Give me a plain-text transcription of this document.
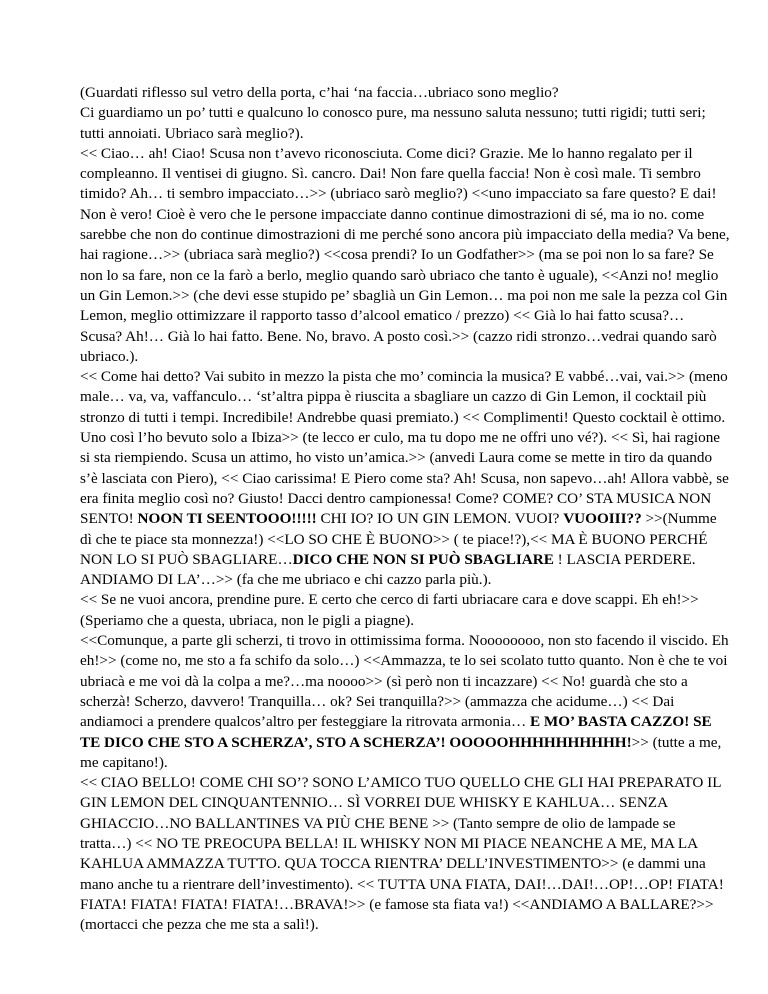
(Guardati riflesso sul vetro della porta, c’hai ‘na faccia…ubriaco sono meglio?

Ci guardiamo un po’ tutti e qualcuno lo conosco pure, ma nessuno saluta nessuno; tutti rigidi; tutti seri; tutti annoiati. Ubriaco sarà meglio?).

<< Ciao… ah! Ciao! Scusa non t’avevo riconosciuta. Come dici? Grazie. Me lo hanno regalato per il compleanno. Il ventisei di giugno. Sì. cancro. Dai! Non fare quella faccia! Non è così male. Ti sembro timido? Ah… ti sembro impacciato…>> (ubriaco sarò meglio?) <<uno impacciato sa fare questo? E dai! Non è vero! Cioè è vero che le persone impacciate danno continue dimostrazioni di sé, ma io no. come sarebbe che non do continue dimostrazioni di me perché sono ancora più impacciato della media? Va bene, hai ragione…>> (ubriaca sarà meglio?) <<cosa prendi? Io un Godfather>> (ma se poi non lo sa fare? Se non lo sa fare, non ce la farò a berlo, meglio quando sarò ubriaco che tanto è uguale), <<Anzi no! meglio un Gin Lemon.>> (che devi esse stupido pe’ sbaglià un Gin Lemon… ma poi non me sale la pezza col Gin Lemon, meglio ottimizzare il rapporto tasso d’alcool ematico / prezzo) << Già lo hai fatto scusa?… Scusa? Ah!… Già lo hai fatto. Bene. No, bravo. A posto così.>> (cazzo ridi stronzo…vedrai quando sarò ubriaco.).

<< Come hai detto? Vai subito in mezzo la pista che mo’ comincia la musica? E vabbé…vai, vai.>> (meno male… va, va, vaffanculo… ‘st’altra pippa è riuscita a sbagliare un cazzo di Gin Lemon, il cocktail più stronzo di tutti i tempi. Incredibile! Andrebbe quasi premiato.) << Complimenti! Questo cocktail è ottimo. Uno così l’ho bevuto solo a Ibiza>> (te lecco er culo, ma tu dopo me ne offri uno vé?). << Sì, hai ragione si sta riempiendo. Scusa un attimo, ho visto un’amica.>> (anvedi Laura come se mette in tiro da quando s’è lasciata con Piero), << Ciao carissima! E Piero come sta? Ah! Scusa, non sapevo…ah! Allora vabbè, se era finita meglio così no? Giusto! Dacci dentro campionessa! Come? COME? CO’ STA MUSICA NON SENTO! NOON TI SEENTOOO!!!!! CHI IO? IO UN GIN LEMON. VUOI? VUOOIII?? >>(Numme dì che te piace sta monnezza!) <<LO SO CHE È BUONO>> ( te piace!?),<< MA È BUONO PERCHÉ NON LO SI PUÒ SBAGLIARE…DICO CHE NON SI PUÒ SBAGLIARE ! LASCIA PERDERE. ANDIAMO DI LA’…>> (fa che me ubriaco e chi cazzo parla più.).

<< Se ne vuoi ancora, prendine pure. E certo che cerco di farti ubriacare cara e dove scappi. Eh eh!>> (Speriamo che a questa, ubriaca, non le pigli a piagne).

<<Comunque, a parte gli scherzi, ti trovo in ottimissima forma. Noooooooo, non sto facendo il viscido. Eh eh!>> (come no, me sto a fa schifo da solo…) <<Ammazza, te lo sei scolato tutto quanto. Non è che te voi ubriacà e me voi dà la colpa a me?…ma noooo>> (sì però non ti incazzare) << No! guardà che sto a scherzà! Scherzo, davvero! Tranquilla… ok? Sei tranquilla?>> (ammazza che acidume…) << Dai andiamoci a prendere qualcos’altro per festeggiare la ritrovata armonia… E MO’ BASTA CAZZO! SE TE DICO CHE STO A SCHERZA’, STO A SCHERZA’! OOOOOHHHHHHHHHH!>> (tutte a me, me capitano!).

<< CIAO BELLO! COME CHI SO’? SONO L’AMICO TUO QUELLO CHE GLI HAI PREPARATO IL GIN LEMON DEL CINQUANTENNIO… SÌ VORREI DUE WHISKY E KAHLUA… SENZA GHIACCIO…NO BALLANTINES VA PIÙ CHE BENE >> (Tanto sempre de olio de lampade se tratta…) << NO TE PREOCUPA BELLA! IL WHISKY NON MI PIACE NEANCHE A ME, MA LA KAHLUA AMMAZZA TUTTO. QUA TOCCA RIENTRA’ DELL’INVESTIMENTO>> (e dammi una mano anche tu a rientrare dell’investimento). << TUTTA UNA FIATA, DAI!…DAI!…OP!…OP! FIATA! FIATA! FIATA! FIATA! FIATA!…BRAVA!>> (e famose sta fiata va!) <<ANDIAMO A BALLARE?>> (mortacci che pezza che me sta a salì!).
